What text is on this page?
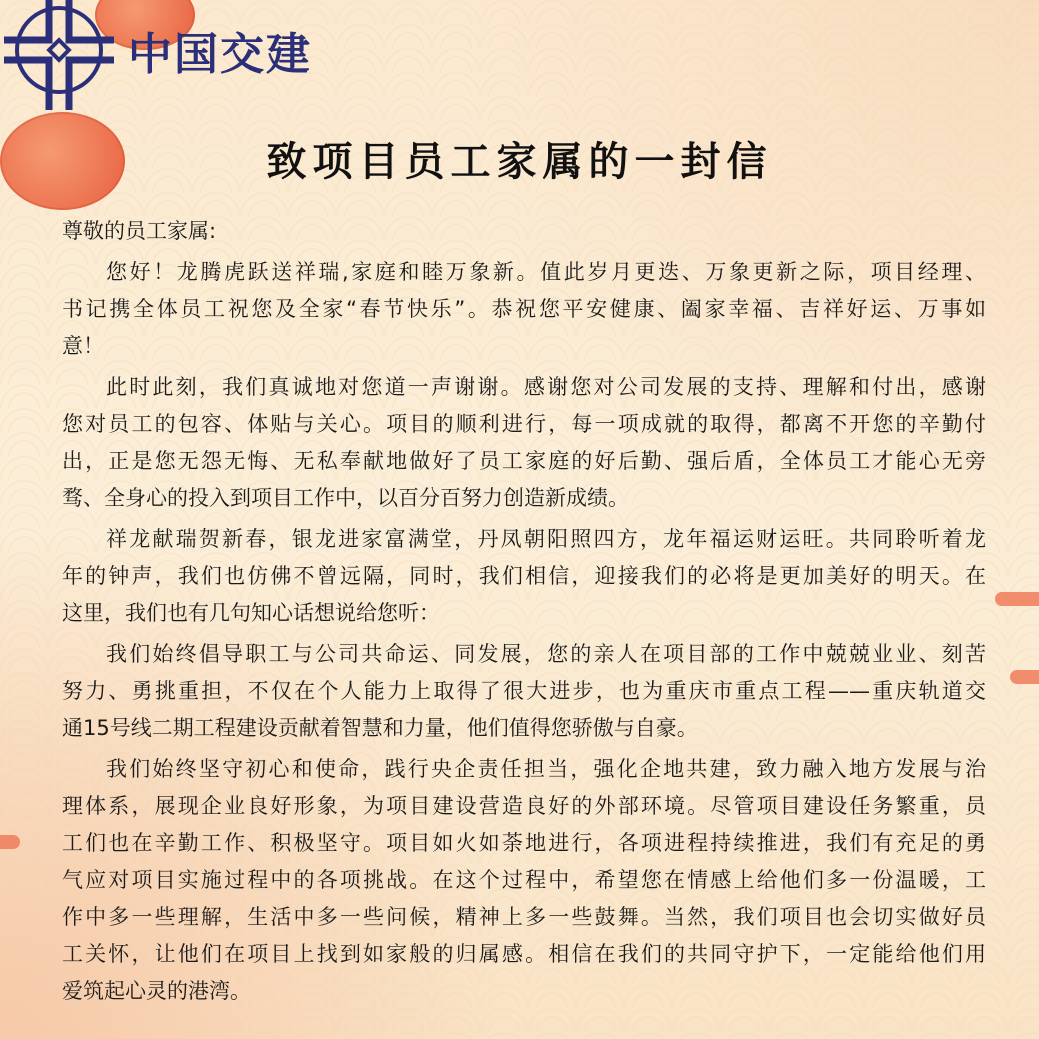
中国交建
致项目员工家属的一封信
尊敬的员工家属:
您好！龙腾虎跃送祥瑞,家庭和睦万象新。值此岁月更迭、万象更新之际，项目经理、
书记携全体员工祝您及全家“春节快乐”。恭祝您平安健康、阖家幸福、吉祥好运、万事如
意！
此时此刻，我们真诚地对您道一声谢谢。感谢您对公司发展的支持、理解和付出，感谢
您对员工的包容、体贴与关心。项目的顺利进行，每一项成就的取得，都离不开您的辛勤付
出，正是您无怨无悔、无私奉献地做好了员工家庭的好后勤、强后盾，全体员工才能心无旁
骛、全身心的投入到项目工作中，以百分百努力创造新成绩。
祥龙献瑞贺新春，银龙进家富满堂，丹凤朝阳照四方，龙年福运财运旺。共同聆听着龙
年的钟声，我们也仿佛不曾远隔，同时，我们相信，迎接我们的必将是更加美好的明天。在
这里，我们也有几句知心话想说给您听：
我们始终倡导职工与公司共命运、同发展，您的亲人在项目部的工作中兢兢业业、刻苦
努力、勇挑重担，不仅在个人能力上取得了很大进步，也为重庆市重点工程——重庆轨道交
通15号线二期工程建设贡献着智慧和力量，他们值得您骄傲与自豪。
我们始终坚守初心和使命，践行央企责任担当，强化企地共建，致力融入地方发展与治
理体系，展现企业良好形象，为项目建设营造良好的外部环境。尽管项目建设任务繁重，员
工们也在辛勤工作、积极坚守。项目如火如荼地进行，各项进程持续推进，我们有充足的勇
气应对项目实施过程中的各项挑战。在这个过程中，希望您在情感上给他们多一份温暖，工
作中多一些理解，生活中多一些问候，精神上多一些鼓舞。当然，我们项目也会切实做好员
工关怀，让他们在项目上找到如家般的归属感。相信在我们的共同守护下，一定能给他们用
爱筑起心灵的港湾。
